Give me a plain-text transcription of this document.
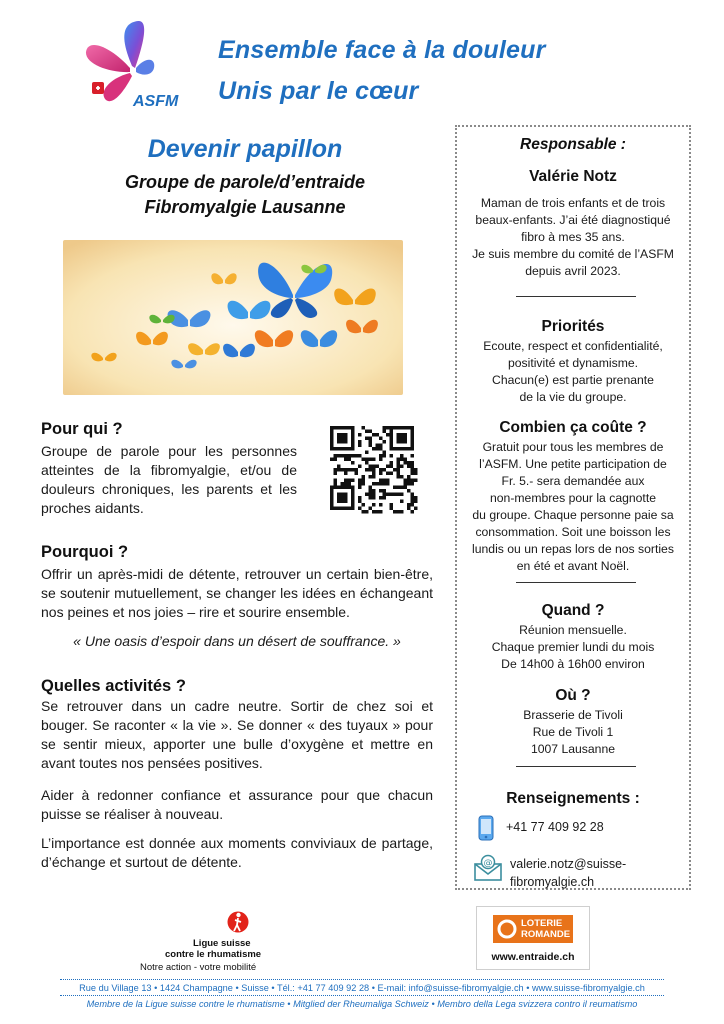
ASFM
Ensemble face à la douleur
Unis par le cœur
Devenir papillon
Groupe de parole/d’entraide
Fibromyalgie Lausanne
Pour qui ?
Groupe de parole pour les personnes atteintes de la fibromyalgie, et/ou de douleurs chroniques, les parents et les proches aidants.
Pourquoi ?
Offrir un après-midi de détente, retrouver un certain bien-être, se soutenir mutuellement, se changer les idées en échangeant nos peines et nos joies – rire et sourire ensemble.
« Une oasis d’espoir dans un désert de souffrance. »
Quelles activités ?
Se retrouver dans un cadre neutre. Sortir de chez soi et bouger. Se raconter « la vie ». Se donner « des tuyaux » pour se sentir mieux, apporter une bulle d’oxygène et mettre en avant toutes nos pensées positives.
Aider à redonner confiance et assurance pour que chacun puisse se réaliser à nouveau.
L’importance est donnée aux moments conviviaux de partage, d’échange et surtout de détente.
Responsable :
Valérie Notz
Maman de trois enfants et de trois
beaux-enfants. J’ai été diagnostiqué
fibro à mes 35 ans.
Je suis membre du comité de l’ASFM
depuis avril 2023.
Priorités
Ecoute, respect et confidentialité,
positivité et dynamisme.
Chacun(e) est partie prenante
de la vie du groupe.
Combien ça coûte ?
Gratuit pour tous les membres de
l’ASFM. Une petite participation de
Fr. 5.- sera demandée aux
non-membres pour la cagnotte
du groupe. Chaque personne paie sa
consommation. Soit une boisson les
lundis ou un repas lors de nos sorties
en été et avant Noël.
Quand ?
Réunion mensuelle.
Chaque premier lundi du mois
De 14h00 à 16h00 environ
Où ?
Brasserie de Tivoli
Rue de Tivoli 1
1007 Lausanne
Renseignements :
+41 77 409 92 28
@ valerie.notz@suisse-
fibromyalgie.ch
Ligue suisse
contre le rhumatisme
Notre action - votre mobilité
LOTERIE
ROMANDE
www.entraide.ch
Rue du Village 13 • 1424 Champagne • Suisse • Tél.: +41 77 409 92 28 • E-mail: info@suisse-fibromyalgie.ch • www.suisse-fibromyalgie.ch
Membre de la Ligue suisse contre le rhumatisme • Mitglied der Rheumaliga Schweiz • Membro della Lega svizzera contro il reumatismo
